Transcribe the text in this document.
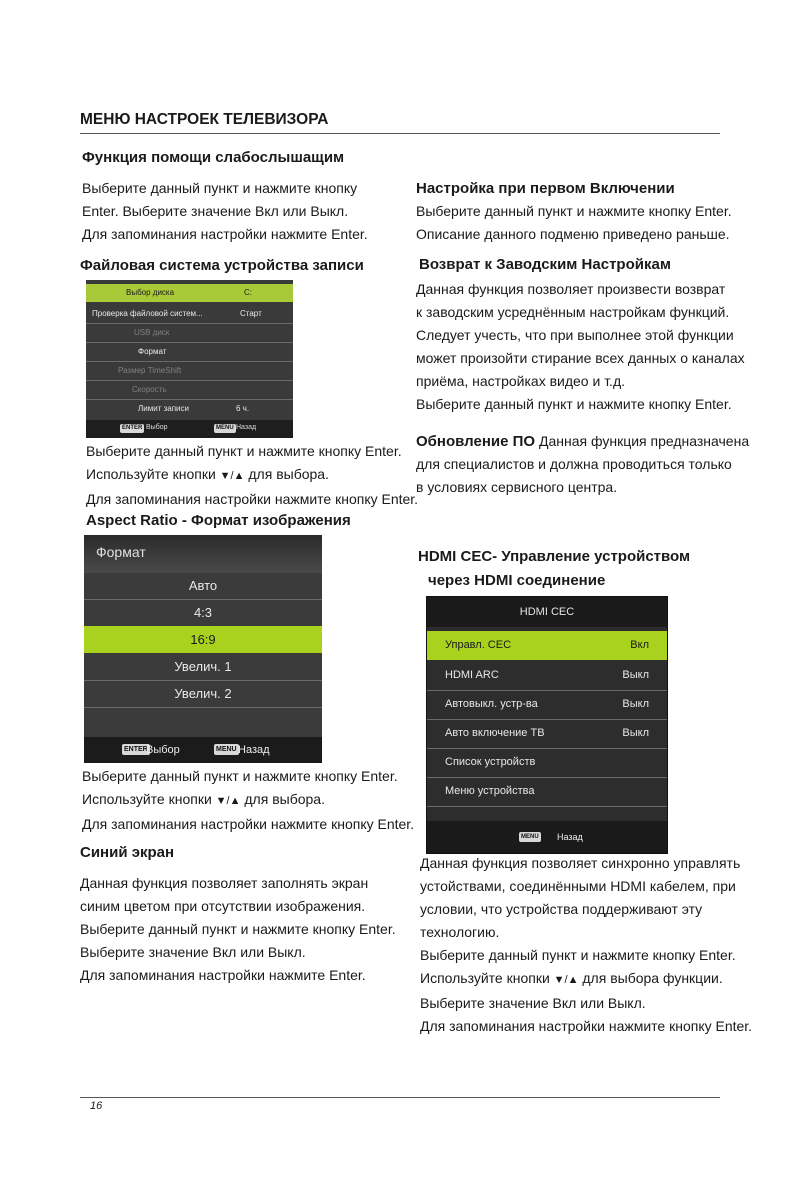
МЕНЮ НАСТРОЕК ТЕЛЕВИЗОРА
Функция помощи слабослышащим
Выберите данный пункт и нажмите кнопку
Enter. Выберите значение Вкл или Выкл.
Для запоминания настройки нажмите Enter.
Файловая система устройства записи
Выбор диска	C:
Проверка файловой систем...	Старт
USB диск
Формат
Размер TimeShift
Скорость
Лимит записи	6 ч.
ENTER Выбор	MENU Назад
Выберите данный пункт и нажмите кнопку Enter.
Используйте кнопки ▼/▲ для выбора.
Для запоминания настройки нажмите кнопку Enter.
Aspect Ratio - Формат изображения
Формат
Авто
4:3
16:9
Увелич. 1
Увелич. 2
ENTER
Выбор	MENU Назад
Выберите данный пункт и нажмите кнопку Enter.
Используйте кнопки ▼/▲ для выбора.
Для запоминания настройки нажмите кнопку Enter.
Синий экран
Данная функция позволяет заполнять экран
синим цветом при отсутствии изображения.
Выберите данный пункт и нажмите кнопку Enter.
Выберите значение Вкл или Выкл.
Для запоминания настройки нажмите Enter.
Настройка при первом Включении
Выберите данный пункт и нажмите кнопку Enter.
Описание данного подменю приведено раньше.
Возврат к Заводским Настройкам
Данная функция позволяет произвести возврат
к заводским усреднённым настройкам функций.
Следует учесть, что при выполнее этой функции
может произойти стирание всех данных о каналах
приёма, настройках видео и т.д.
Выберите данный пункт и нажмите кнопку Enter.
Обновление ПО Данная функция предназначена
для специалистов и должна проводиться только
в условиях сервисного центра.
HDMI CEC- Управление устройством
через HDMI соединение
HDMI CEC
Управл. CEC	Вкл
HDMI ARC	Выкл
Автовыкл. устр-ва	Выкл
Авто включение ТВ	Выкл
Список устройств
Меню устройства
MENU Назад
Данная функция позволяет синхронно управлять
устойствами, соединёнными HDMI кабелем, при
условии, что устройства поддерживают эту
технологию.
Выберите данный пункт и нажмите кнопку Enter.
Используйте кнопки ▼/▲ для выбора функции.
Выберите значение Вкл или Выкл.
Для запоминания настройки нажмите кнопку Enter.
16
